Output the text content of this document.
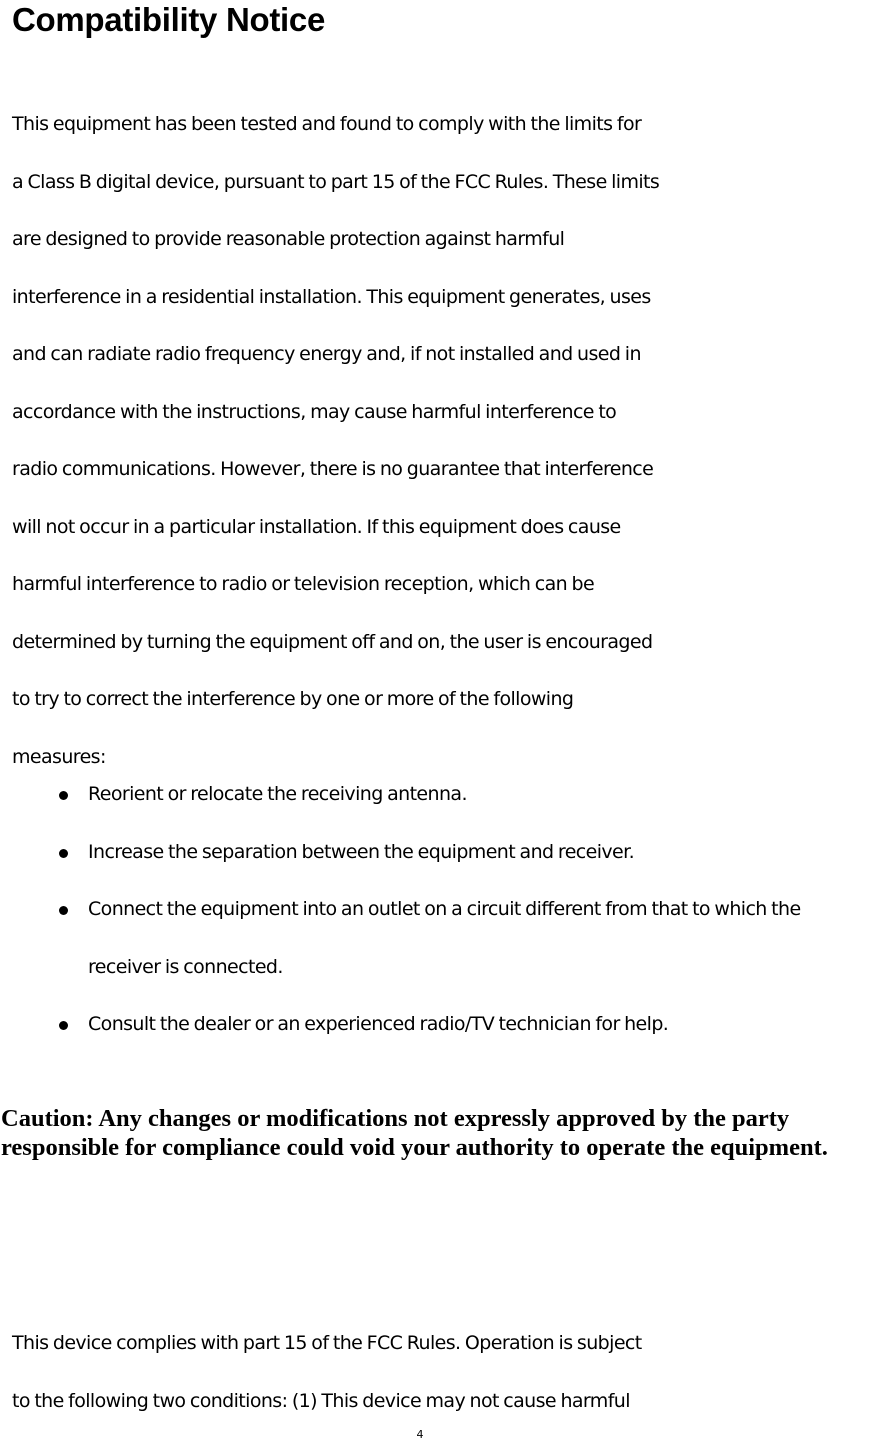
Compatibility Notice
This equipment has been tested and found to comply with the limits for
a Class B digital device, pursuant to part 15 of the FCC Rules. These limits
are designed to provide reasonable protection against harmful
interference in a residential installation. This equipment generates, uses
and can radiate radio frequency energy and, if not installed and used in
accordance with the instructions, may cause harmful interference to
radio communications. However, there is no guarantee that interference
will not occur in a particular installation. If this equipment does cause
harmful interference to radio or television reception, which can be
determined by turning the equipment off and on, the user is encouraged
to try to correct the interference by one or more of the following
measures:
Reorient or relocate the receiving antenna.
Increase the separation between the equipment and receiver.
Connect the equipment into an outlet on a circuit different from that to which the receiver is connected.
Consult the dealer or an experienced radio/TV technician for help.
Caution: Any changes or modifications not expressly approved by the party responsible for compliance could void your authority to operate the equipment.
This device complies with part 15 of the FCC Rules. Operation is subject
to the following two conditions: (1) This device may not cause harmful
4
